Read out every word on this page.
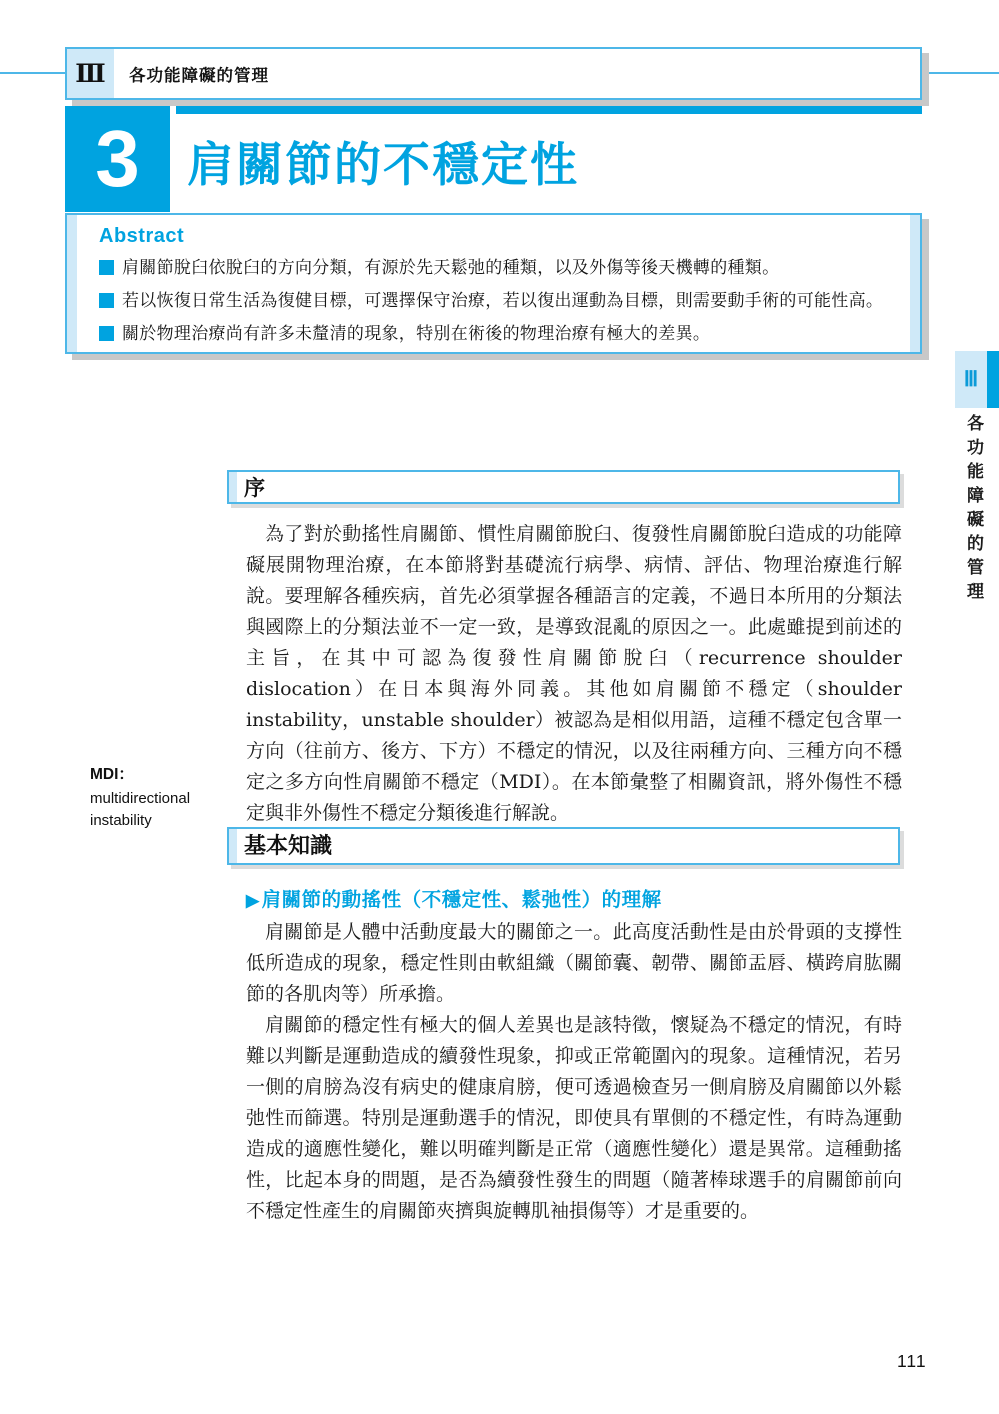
Ⅲ	各功能障礙的管理
3	肩關節的不穩定性
Abstract
肩關節脫臼依脫臼的方向分類，有源於先天鬆弛的種類，以及外傷等後天機轉的種類。
若以恢復日常生活為復健目標，可選擇保守治療，若以復出運動為目標，則需要動手術的可能性高。
關於物理治療尚有許多未釐清的現象，特別在術後的物理治療有極大的差異。
Ⅲ
各功能障礙的管理
序

為了對於動搖性肩關節、慣性肩關節脫臼、復發性肩關節脫臼造成的功能障礙展開物理治療，在本節將對基礎流行病學、病情、評估、物理治療進行解說。要理解各種疾病，首先必須掌握各種語言的定義，不過日本所用的分類法與國際上的分類法並不一定一致，是導致混亂的原因之一。此處雖提到前述的主旨，在其中可認為復發性肩關節脫臼（recurrence shoulder dislocation）在日本與海外同義。其他如肩關節不穩定（shoulder instability，unstable shoulder）被認為是相似用語，這種不穩定包含單一方向（往前方、後方、下方）不穩定的情況，以及往兩種方向、三種方向不穩定之多方向性肩關節不穩定（MDI）。在本節彙整了相關資訊，將外傷性不穩定與非外傷性不穩定分類後進行解說。

MDI：
multidirectional instability
基本知識
▶ 肩關節的動搖性（不穩定性、鬆弛性）的理解

肩關節是人體中活動度最大的關節之一。此高度活動性是由於骨頭的支撐性低所造成的現象，穩定性則由軟組織（關節囊、韌帶、關節盂唇、橫跨肩肱關節的各肌肉等）所承擔。

肩關節的穩定性有極大的個人差異也是該特徵，懷疑為不穩定的情況，有時難以判斷是運動造成的續發性現象，抑或正常範圍內的現象。這種情況，若另一側的肩膀為沒有病史的健康肩膀，便可透過檢查另一側肩膀及肩關節以外鬆弛性而篩選。特別是運動選手的情況，即使具有單側的不穩定性，有時為運動造成的適應性變化，難以明確判斷是正常（適應性變化）還是異常。這種動搖性，比起本身的問題，是否為續發性發生的問題（隨著棒球選手的肩關節前向不穩定性產生的肩關節夾擠與旋轉肌袖損傷等）才是重要的。

111
